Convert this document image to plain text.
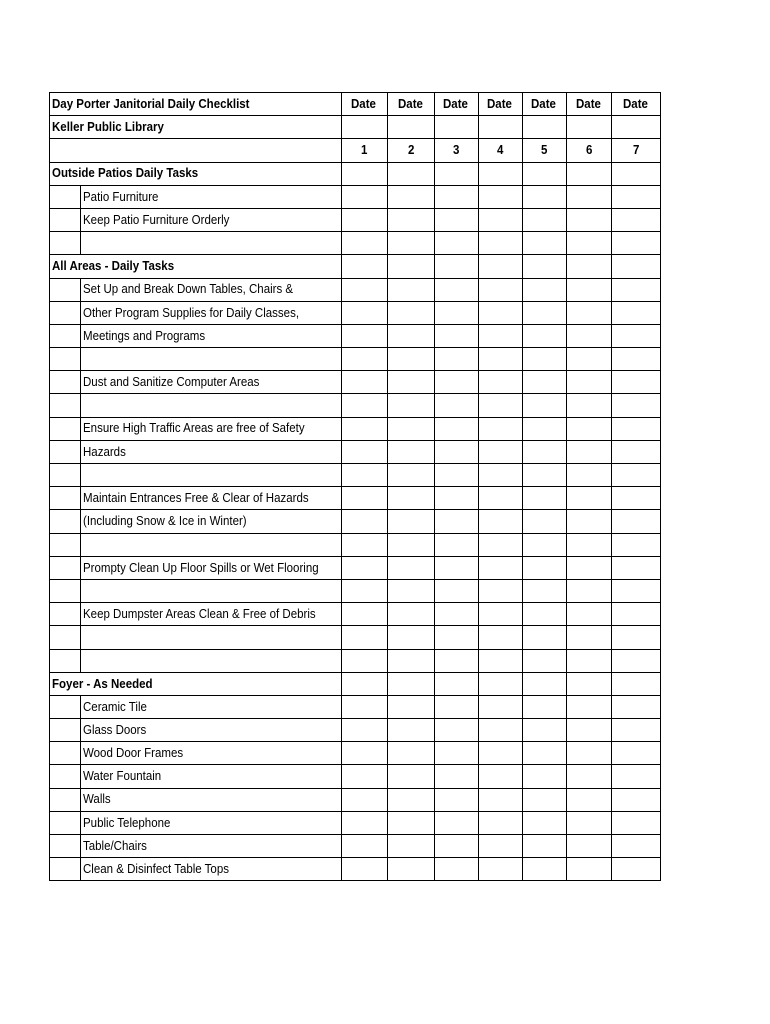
Day Porter Janitorial Daily Checklist		Date	Date	Date	Date	Date	Date	Date
Keller Public Library								
		1	2	3	4	5	6	7
Outside Patios Daily Tasks								
	Patio Furniture							
	Keep Patio Furniture Orderly							

All Areas - Daily Tasks								
	Set Up and Break Down Tables, Chairs &							
	Other Program Supplies for Daily Classes,							
	Meetings and Programs							

	Dust and Sanitize Computer Areas							

	Ensure High Traffic Areas are free of Safety							
	Hazards							

	Maintain Entrances Free & Clear of Hazards							
	(Including Snow & Ice in Winter)							

	Prompty Clean Up Floor Spills or Wet Flooring							

	Keep Dumpster Areas Clean & Free of Debris							

Foyer - As Needed								
	Ceramic Tile							
	Glass Doors							
	Wood Door Frames							
	Water Fountain							
	Walls							
	Public Telephone							
	Table/Chairs							
	Clean & Disinfect Table Tops							
